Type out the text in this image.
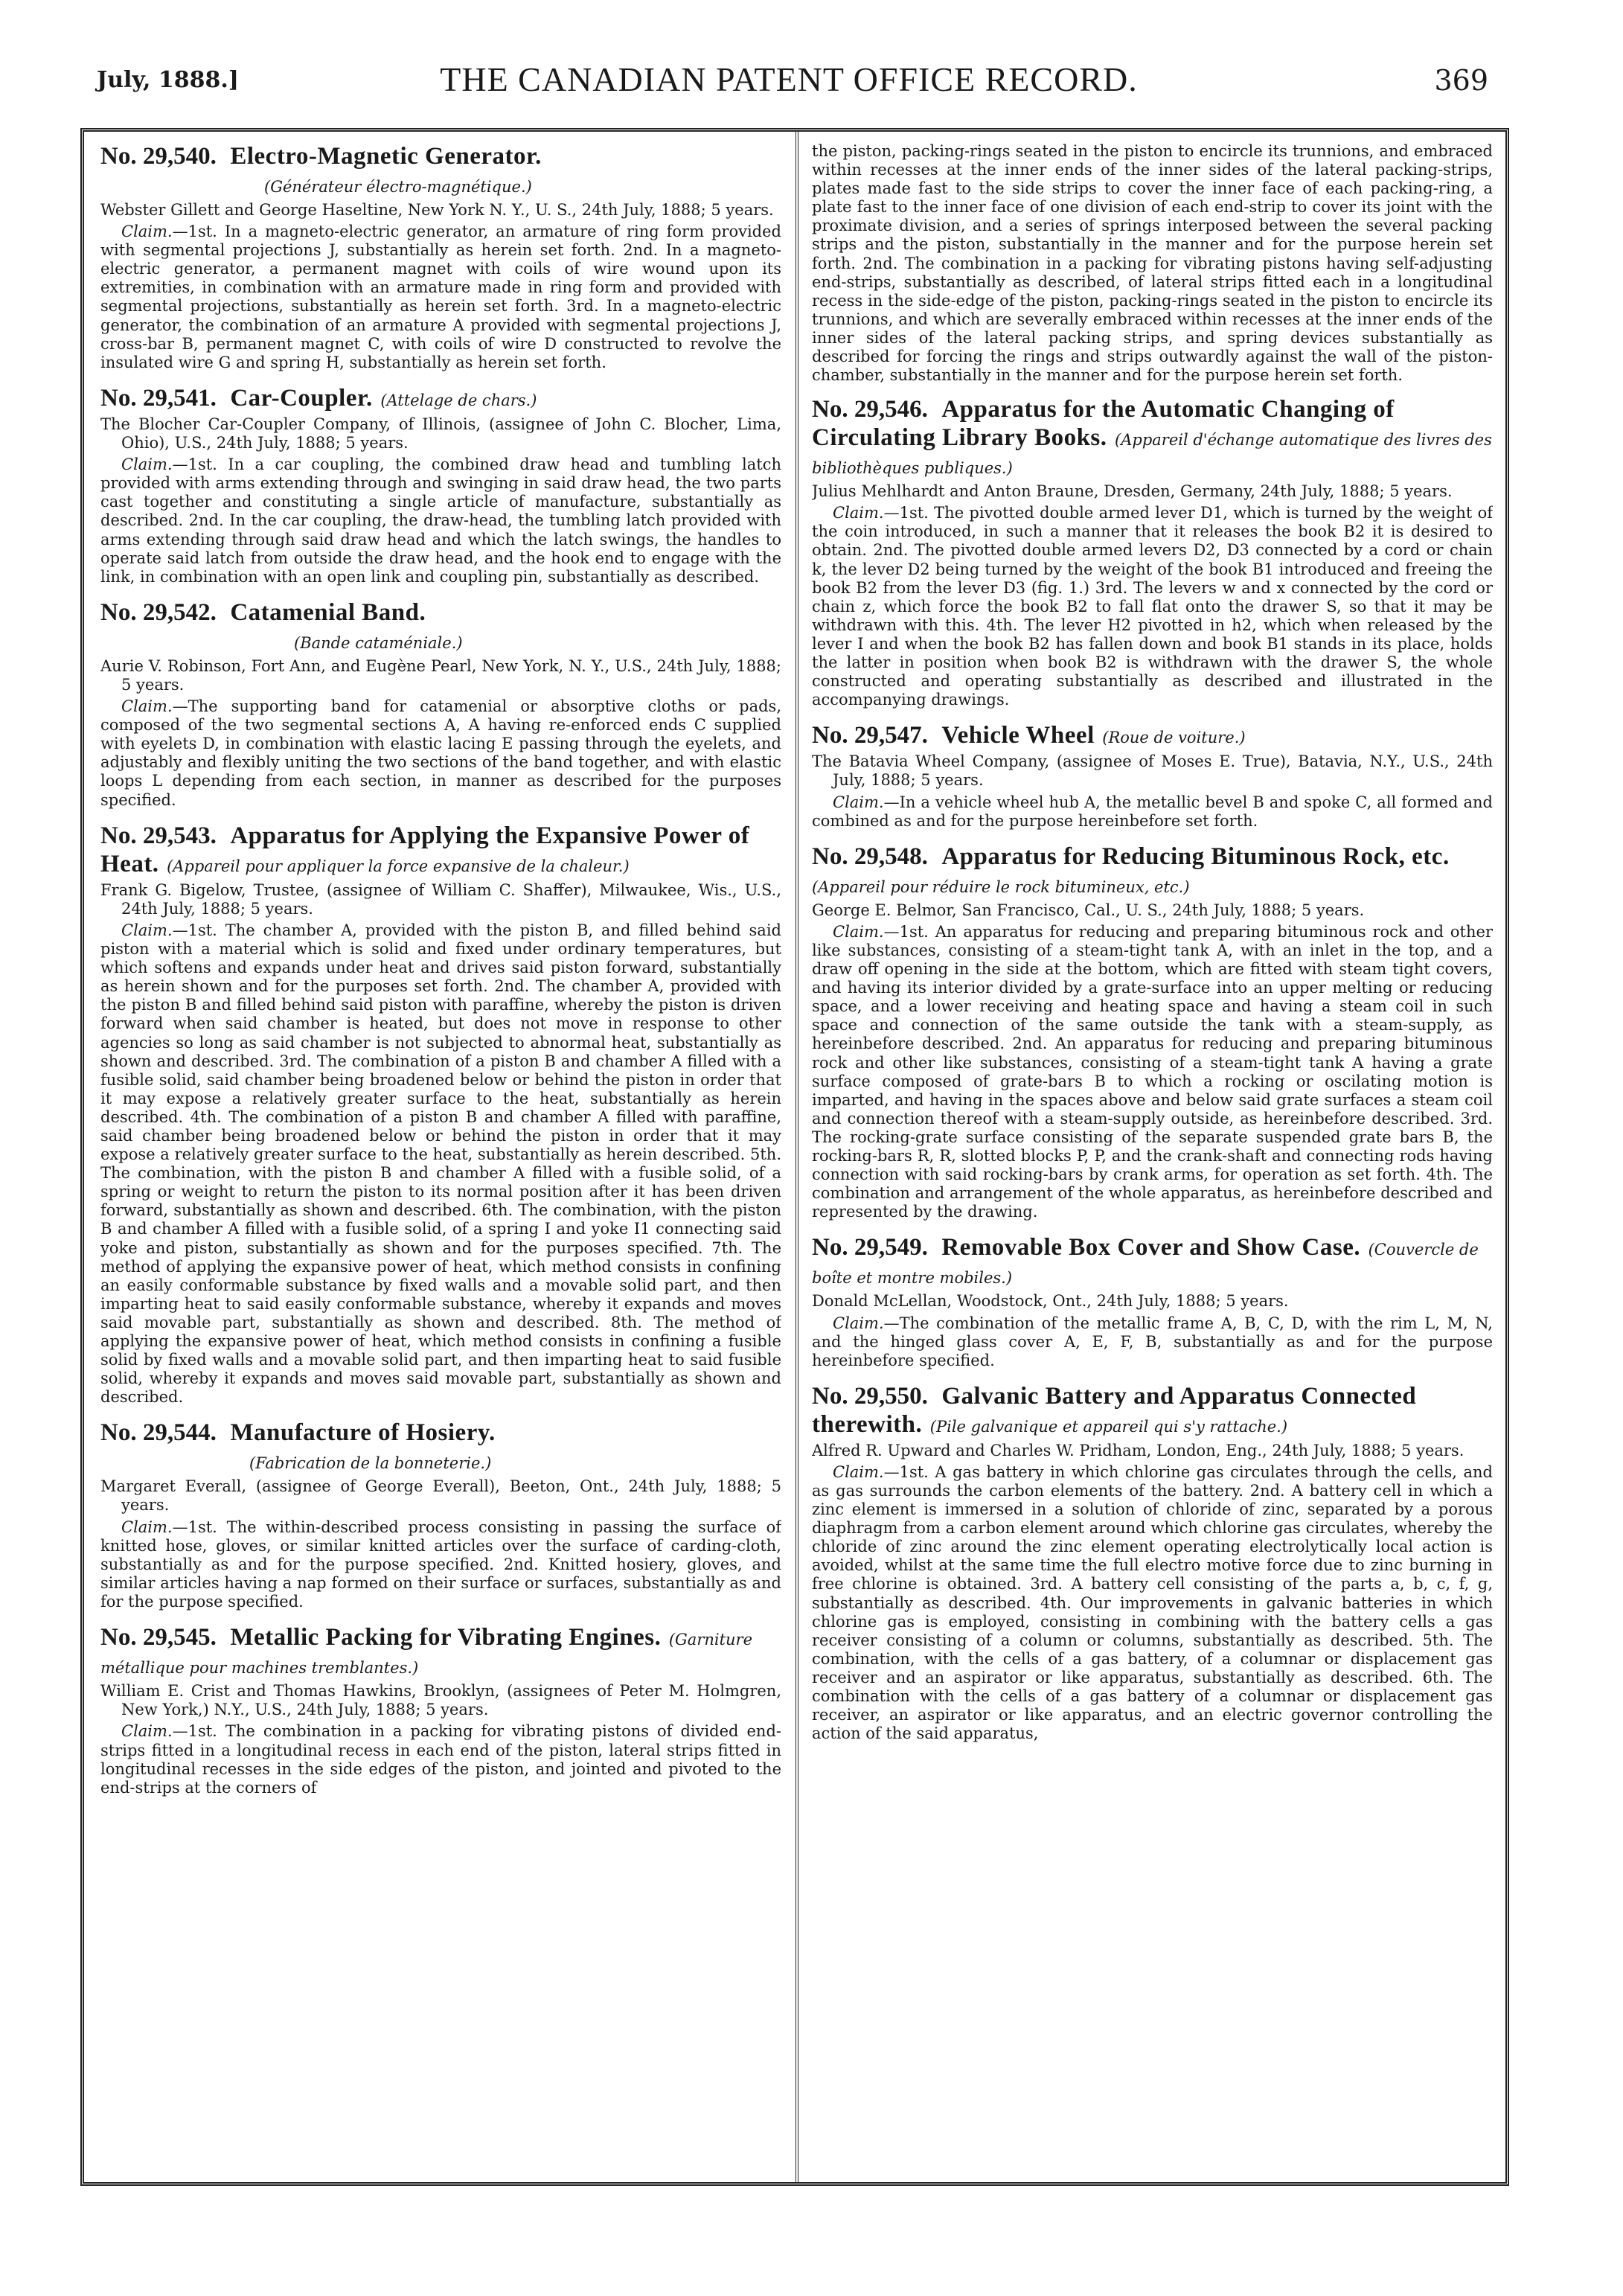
July, 1888.]	THE CANADIAN PATENT OFFICE RECORD.	369

No. 29,540. Electro-Magnetic Generator.
(Générateur électro-magnétique.)

Webster Gillett and George Haseltine, New York N. Y., U. S., 24th July, 1888; 5 years.

Claim.—1st. In a magneto-electric generator, an armature of ring form provided with segmental projections J, substantially as herein set forth. 2nd. In a magneto-electric generator, a permanent magnet with coils of wire wound upon its extremities, in combination with an armature made in ring form and provided with segmental projections, substantially as herein set forth. 3rd. In a magneto-electric generator, the combination of an armature A provided with segmental projections J, cross-bar B, permanent magnet C, with coils of wire D constructed to revolve the insulated wire G and spring H, substantially as herein set forth.

No. 29,541. Car-Coupler. (Attelage de chars.)

The Blocher Car-Coupler Company, of Illinois, (assignee of John C. Blocher, Lima, Ohio), U.S., 24th July, 1888; 5 years.

Claim.—1st. In a car coupling, the combined draw head and tumbling latch provided with arms extending through and swinging in said draw head, the two parts cast together and constituting a single article of manufacture, substantially as described. 2nd. In the car coupling, the draw-head, the tumbling latch provided with arms extending through said draw head and which the latch swings, the handles to operate said latch from outside the draw head, and the hook end to engage with the link, in combination with an open link and coupling pin, substantially as described.

No. 29,542. Catamenial Band.
(Bande cataméniale.)

Aurie V. Robinson, Fort Ann, and Eugène Pearl, New York, N. Y., U.S., 24th July, 1888; 5 years.

Claim.—The supporting band for catamenial or absorptive cloths or pads, composed of the two segmental sections A, A having re-enforced ends C supplied with eyelets D, in combination with elastic lacing E passing through the eyelets, and adjustably and flexibly uniting the two sections of the band together, and with elastic loops L depending from each section, in manner as described for the purposes specified.

No. 29,543. Apparatus for Applying the Expansive Power of Heat. (Appareil pour appliquer la force expansive de la chaleur.)

Frank G. Bigelow, Trustee, (assignee of William C. Shaffer), Milwaukee, Wis., U.S., 24th July, 1888; 5 years.

Claim.—1st. The chamber A, provided with the piston B, and filled behind said piston with a material which is solid and fixed under ordinary temperatures, but which softens and expands under heat and drives said piston forward, substantially as herein shown and for the purposes set forth. 2nd. The chamber A, provided with the piston B and filled behind said piston with paraffine, whereby the piston is driven forward when said chamber is heated, but does not move in response to other agencies so long as said chamber is not subjected to abnormal heat, substantially as shown and described. 3rd. The combination of a piston B and chamber A filled with a fusible solid, said chamber being broadened below or behind the piston in order that it may expose a relatively greater surface to the heat, substantially as herein described. 4th. The combination of a piston B and chamber A filled with paraffine, said chamber being broadened below or behind the piston in order that it may expose a relatively greater surface to the heat, substantially as herein described. 5th. The combination, with the piston B and chamber A filled with a fusible solid, of a spring or weight to return the piston to its normal position after it has been driven forward, substantially as shown and described. 6th. The combination, with the piston B and chamber A filled with a fusible solid, of a spring I and yoke I1 connecting said yoke and piston, substantially as shown and for the purposes specified. 7th. The method of applying the expansive power of heat, which method consists in confining an easily conformable substance by fixed walls and a movable solid part, and then imparting heat to said easily conformable substance, whereby it expands and moves said movable part, substantially as shown and described. 8th. The method of applying the expansive power of heat, which method consists in confining a fusible solid by fixed walls and a movable solid part, and then imparting heat to said fusible solid, whereby it expands and moves said movable part, substantially as shown and described.

No. 29,544. Manufacture of Hosiery.
(Fabrication de la bonneterie.)

Margaret Everall, (assignee of George Everall), Beeton, Ont., 24th July, 1888; 5 years.

Claim.—1st. The within-described process consisting in passing the surface of knitted hose, gloves, or similar knitted articles over the surface of carding-cloth, substantially as and for the purpose specified. 2nd. Knitted hosiery, gloves, and similar articles having a nap formed on their surface or surfaces, substantially as and for the purpose specified.

No. 29,545. Metallic Packing for Vibrating Engines. (Garniture métallique pour machines tremblantes.)

William E. Crist and Thomas Hawkins, Brooklyn, (assignees of Peter M. Holmgren, New York,) N.Y., U.S., 24th July, 1888; 5 years.

Claim.—1st. The combination in a packing for vibrating pistons of divided end-strips fitted in a longitudinal recess in each end of the piston, lateral strips fitted in longitudinal recesses in the side edges of the piston, and jointed and pivoted to the end-strips at the corners of

the piston, packing-rings seated in the piston to encircle its trunnions, and embraced within recesses at the inner ends of the inner sides of the lateral packing-strips, plates made fast to the side strips to cover the inner face of each packing-ring, a plate fast to the inner face of one division of each end-strip to cover its joint with the proximate division, and a series of springs interposed between the several packing strips and the piston, substantially in the manner and for the purpose herein set forth. 2nd. The combination in a packing for vibrating pistons having self-adjusting end-strips, substantially as described, of lateral strips fitted each in a longitudinal recess in the side-edge of the piston, packing-rings seated in the piston to encircle its trunnions, and which are severally embraced within recesses at the inner ends of the inner sides of the lateral packing strips, and spring devices substantially as described for forcing the rings and strips outwardly against the wall of the piston-chamber, substantially in the manner and for the purpose herein set forth.

No. 29,546. Apparatus for the Automatic Changing of Circulating Library Books. (Appareil d'échange automatique des livres des bibliothèques publiques.)

Julius Mehlhardt and Anton Braune, Dresden, Germany, 24th July, 1888; 5 years.

Claim.—1st. The pivotted double armed lever D1, which is turned by the weight of the coin introduced, in such a manner that it releases the book B2 it is desired to obtain. 2nd. The pivotted double armed levers D2, D3 connected by a cord or chain k, the lever D2 being turned by the weight of the book B1 introduced and freeing the book B2 from the lever D3 (fig. 1.) 3rd. The levers w and x connected by the cord or chain z, which force the book B2 to fall flat onto the drawer S, so that it may be withdrawn with this. 4th. The lever H2 pivotted in h2, which when released by the lever I and when the book B2 has fallen down and book B1 stands in its place, holds the latter in position when book B2 is withdrawn with the drawer S, the whole constructed and operating substantially as described and illustrated in the accompanying drawings.

No. 29,547. Vehicle Wheel (Roue de voiture.)

The Batavia Wheel Company, (assignee of Moses E. True), Batavia, N.Y., U.S., 24th July, 1888; 5 years.

Claim.—In a vehicle wheel hub A, the metallic bevel B and spoke C, all formed and combined as and for the purpose hereinbefore set forth.

No. 29,548. Apparatus for Reducing Bituminous Rock, etc. (Appareil pour réduire le rock bitumineux, etc.)

George E. Belmor, San Francisco, Cal., U. S., 24th July, 1888; 5 years.

Claim.—1st. An apparatus for reducing and preparing bituminous rock and other like substances, consisting of a steam-tight tank A, with an inlet in the top, and a draw off opening in the side at the bottom, which are fitted with steam tight covers, and having its interior divided by a grate-surface into an upper melting or reducing space, and a lower receiving and heating space and having a steam coil in such space and connection of the same outside the tank with a steam-supply, as hereinbefore described. 2nd. An apparatus for reducing and preparing bituminous rock and other like substances, consisting of a steam-tight tank A having a grate surface composed of grate-bars B to which a rocking or oscilating motion is imparted, and having in the spaces above and below said grate surfaces a steam coil and connection thereof with a steam-supply outside, as hereinbefore described. 3rd. The rocking-grate surface consisting of the separate suspended grate bars B, the rocking-bars R, R, slotted blocks P, P, and the crank-shaft and connecting rods having connection with said rocking-bars by crank arms, for operation as set forth. 4th. The combination and arrangement of the whole apparatus, as hereinbefore described and represented by the drawing.

No. 29,549. Removable Box Cover and Show Case. (Couvercle de boîte et montre mobiles.)

Donald McLellan, Woodstock, Ont., 24th July, 1888; 5 years.

Claim.—The combination of the metallic frame A, B, C, D, with the rim L, M, N, and the hinged glass cover A, E, F, B, substantially as and for the purpose hereinbefore specified.

No. 29,550. Galvanic Battery and Apparatus Connected therewith. (Pile galvanique et appareil qui s'y rattache.)

Alfred R. Upward and Charles W. Pridham, London, Eng., 24th July, 1888; 5 years.

Claim.—1st. A gas battery in which chlorine gas circulates through the cells, and as gas surrounds the carbon elements of the battery. 2nd. A battery cell in which a zinc element is immersed in a solution of chloride of zinc, separated by a porous diaphragm from a carbon element around which chlorine gas circulates, whereby the chloride of zinc around the zinc element operating electrolytically local action is avoided, whilst at the same time the full electro motive force due to zinc burning in free chlorine is obtained. 3rd. A battery cell consisting of the parts a, b, c, f, g, substantially as described. 4th. Our improvements in galvanic batteries in which chlorine gas is employed, consisting in combining with the battery cells a gas receiver consisting of a column or columns, substantially as described. 5th. The combination, with the cells of a gas battery, of a columnar or displacement gas receiver and an aspirator or like apparatus, substantially as described. 6th. The combination with the cells of a gas battery of a columnar or displacement gas receiver, an aspirator or like apparatus, and an electric governor controlling the action of the said apparatus,
